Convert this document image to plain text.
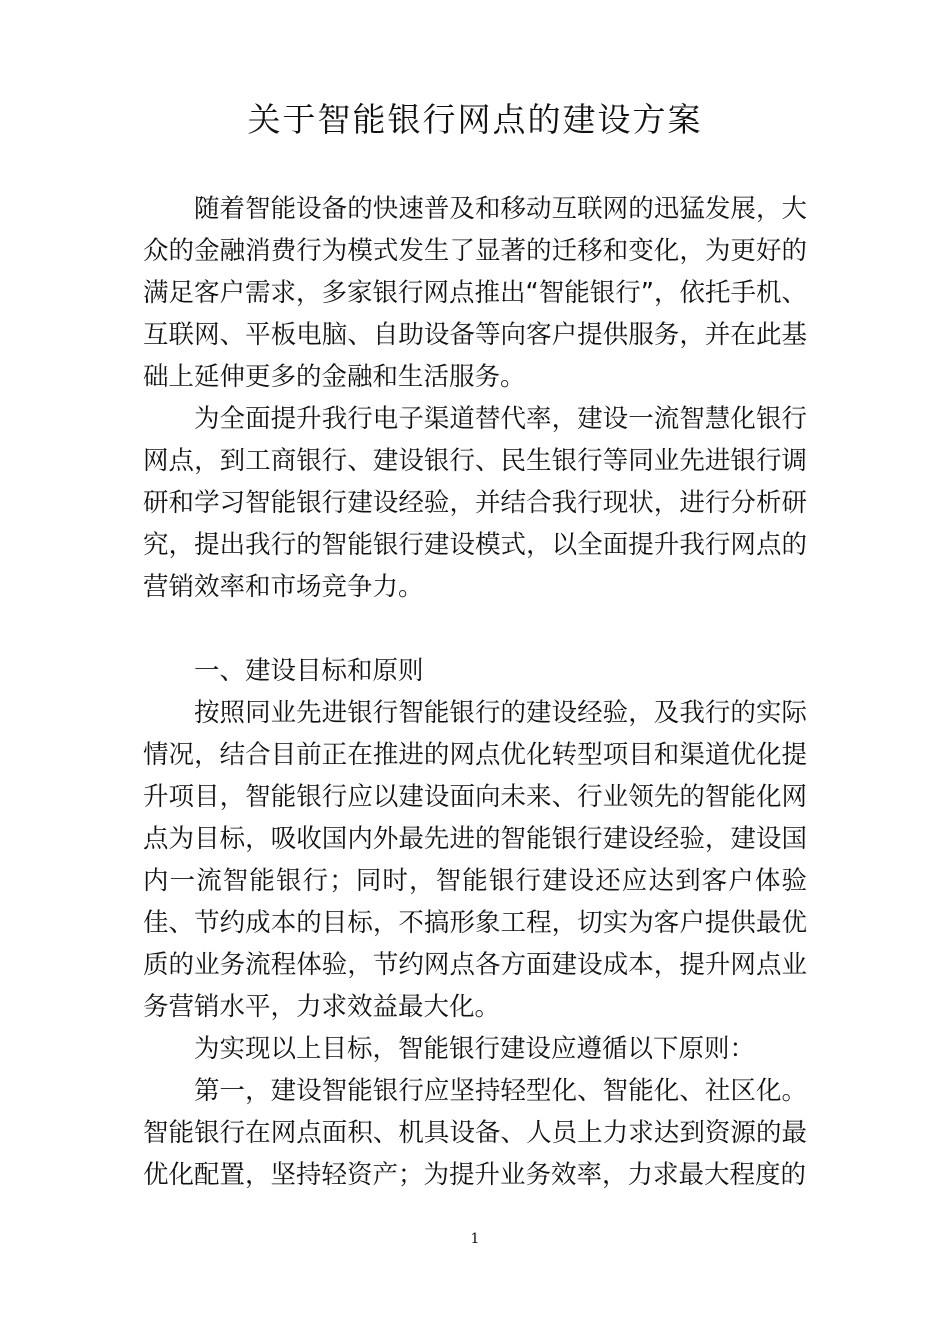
关于智能银行网点的建设方案

随着智能设备的快速普及和移动互联网的迅猛发展，大众的金融消费行为模式发生了显著的迁移和变化，为更好的满足客户需求，多家银行网点推出“智能银行”，依托手机、互联网、平板电脑、自助设备等向客户提供服务，并在此基础上延伸更多的金融和生活服务。

为全面提升我行电子渠道替代率，建设一流智慧化银行网点，到工商银行、建设银行、民生银行等同业先进银行调研和学习智能银行建设经验，并结合我行现状，进行分析研究，提出我行的智能银行建设模式，以全面提升我行网点的营销效率和市场竞争力。

一、建设目标和原则

按照同业先进银行智能银行的建设经验，及我行的实际情况，结合目前正在推进的网点优化转型项目和渠道优化提升项目，智能银行应以建设面向未来、行业领先的智能化网点为目标，吸收国内外最先进的智能银行建设经验，建设国内一流智能银行；同时，智能银行建设还应达到客户体验佳、节约成本的目标，不搞形象工程，切实为客户提供最优质的业务流程体验，节约网点各方面建设成本，提升网点业务营销水平，力求效益最大化。

为实现以上目标，智能银行建设应遵循以下原则：

第一，建设智能银行应坚持轻型化、智能化、社区化。智能银行在网点面积、机具设备、人员上力求达到资源的最优化配置，坚持轻资产；为提升业务效率，力求最大程度的

1
